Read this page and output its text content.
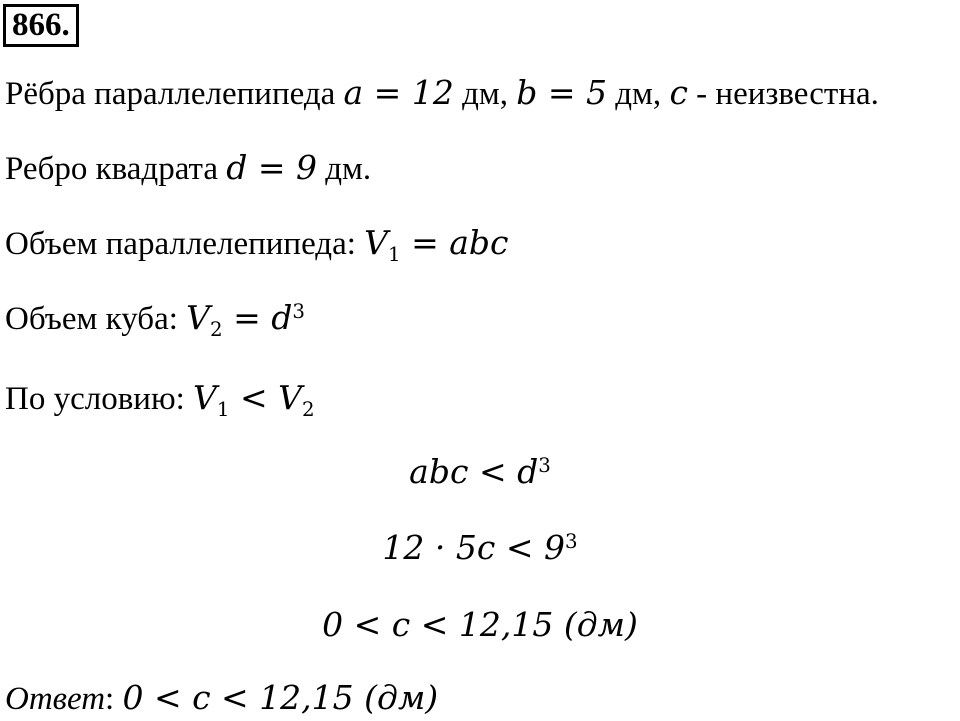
866.
Рёбра параллелепипеда a = 12 дм, b = 5 дм, c - неизвестна.
Ребро квадрата d = 9 дм.
Объем параллелепипеда: $V_1$ = abc
Объем куба: $V_2 = d^3$
По условию: $V_1 < V_2$
abc < $d^3$
$12 \cdot 5c < 9^3$
0 < c < 12,15 (дм)
Ответ: 0 < c < 12,15 (дм)
